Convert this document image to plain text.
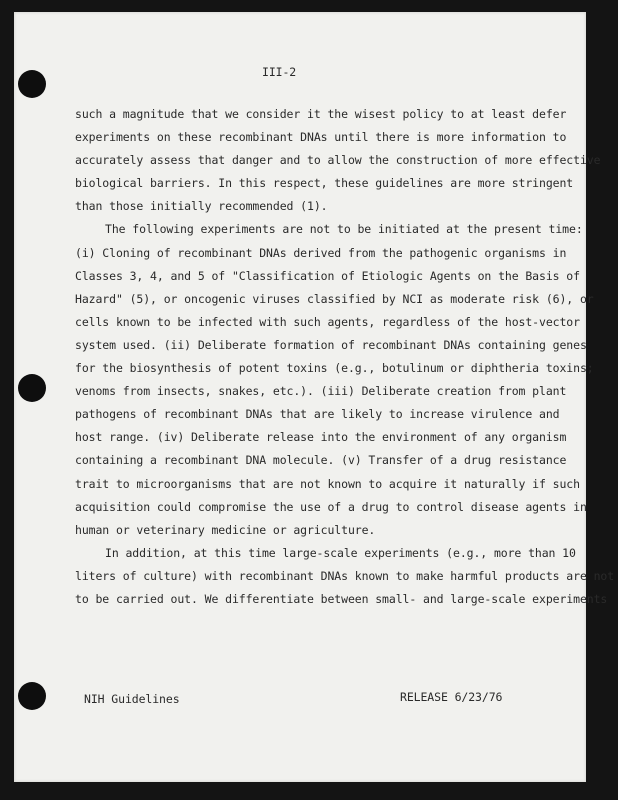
III-2
such a magnitude that we consider it the wisest policy to at least defer
experiments on these recombinant DNAs until there is more information to
accurately assess that danger and to allow the construction of more effective
biological barriers. In this respect, these guidelines are more stringent
than those initially recommended (1).
The following experiments are not to be initiated at the present time:
(i) Cloning of recombinant DNAs derived from the pathogenic organisms in
Classes 3, 4, and 5 of "Classification of Etiologic Agents on the Basis of
Hazard" (5), or oncogenic viruses classified by NCI as moderate risk (6), or
cells known to be infected with such agents, regardless of the host-vector
system used. (ii) Deliberate formation of recombinant DNAs containing genes
for the biosynthesis of potent toxins (e.g., botulinum or diphtheria toxins;
venoms from insects, snakes, etc.). (iii) Deliberate creation from plant
pathogens of recombinant DNAs that are likely to increase virulence and
host range. (iv) Deliberate release into the environment of any organism
containing a recombinant DNA molecule. (v) Transfer of a drug resistance
trait to microorganisms that are not known to acquire it naturally if such
acquisition could compromise the use of a drug to control disease agents in
human or veterinary medicine or agriculture.
In addition, at this time large-scale experiments (e.g., more than 10
liters of culture) with recombinant DNAs known to make harmful products are not
to be carried out. We differentiate between small- and large-scale experiments
NIH Guidelines	RELEASE 6/23/76
